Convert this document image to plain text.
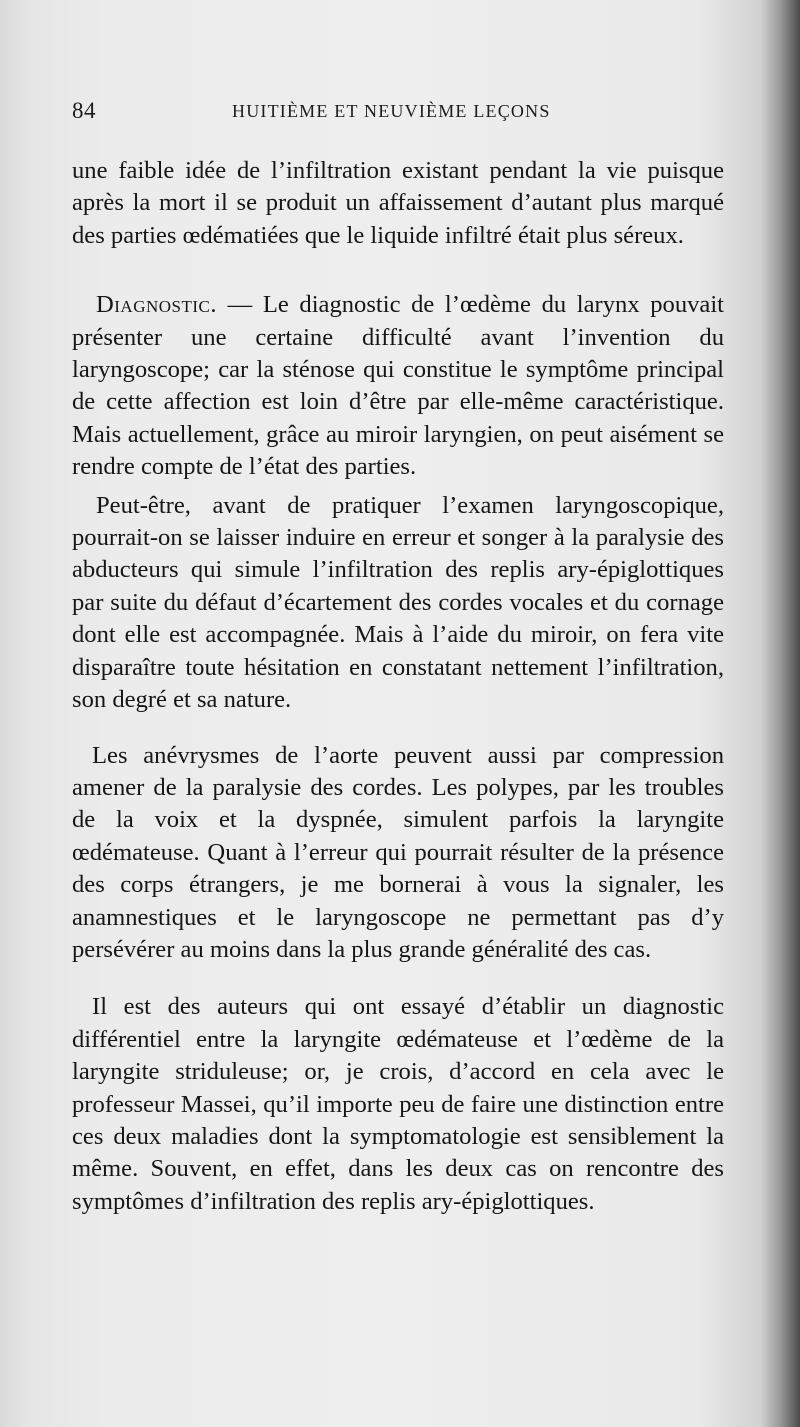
84	HUITIÈME ET NEUVIÈME LEÇONS

une faible idée de l’infiltration existant pendant la vie puisque après la mort il se produit un affaissement d’autant plus marqué des parties œdématiées que le liquide infiltré était plus séreux.

Diagnostic. — Le diagnostic de l’œdème du larynx pouvait présenter une certaine difficulté avant l’invention du laryngoscope; car la sténose qui constitue le symptôme principal de cette affection est loin d’être par elle-même caractéristique. Mais actuellement, grâce au miroir laryngien, on peut aisément se rendre compte de l’état des parties.

Peut-être, avant de pratiquer l’examen laryngoscopique, pourrait-on se laisser induire en erreur et songer à la paralysie des abducteurs qui simule l’infiltration des replis ary-épiglottiques par suite du défaut d’écartement des cordes vocales et du cornage dont elle est accompagnée. Mais à l’aide du miroir, on fera vite disparaître toute hésitation en constatant nettement l’infiltration, son degré et sa nature.

Les anévrysmes de l’aorte peuvent aussi par compression amener de la paralysie des cordes. Les polypes, par les troubles de la voix et la dyspnée, simulent parfois la laryngite œdémateuse. Quant à l’erreur qui pourrait résulter de la présence des corps étrangers, je me bornerai à vous la signaler, les anamnestiques et le laryngoscope ne permettant pas d’y persévérer au moins dans la plus grande généralité des cas.

Il est des auteurs qui ont essayé d’établir un diagnostic différentiel entre la laryngite œdémateuse et l’œdème de la laryngite striduleuse; or, je crois, d’accord en cela avec le professeur Massei, qu’il importe peu de faire une distinction entre ces deux maladies dont la symptomatologie est sensiblement la même. Souvent, en effet, dans les deux cas on rencontre des symptômes d’infiltration des replis ary-épiglottiques.
